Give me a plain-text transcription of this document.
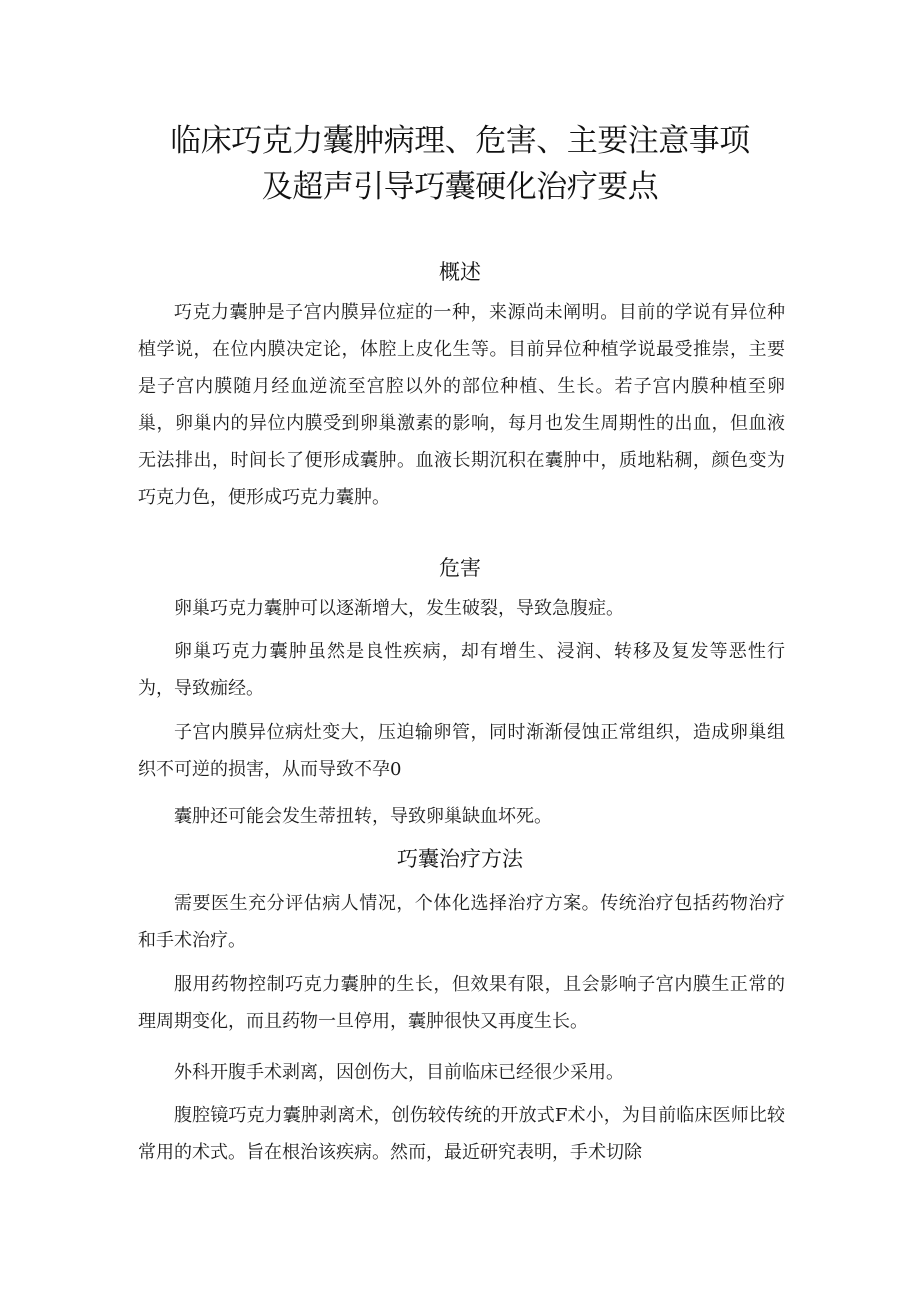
临床巧克力囊肿病理、危害、主要注意事项
及超声引导巧囊硬化治疗要点
概述

巧克力囊肿是子宫内膜异位症的一种，来源尚未阐明。目前的学说有异位种植学说，在位内膜决定论，体腔上皮化生等。目前异位种植学说最受推崇，主要是子宫内膜随月经血逆流至宫腔以外的部位种植、生长。若子宫内膜种植至卵巢，卵巢内的异位内膜受到卵巢激素的影响，每月也发生周期性的出血，但血液无法排出，时间长了便形成囊肿。血液长期沉积在囊肿中，质地粘稠，颜色变为巧克力色，便形成巧克力囊肿。

危害

卵巢巧克力囊肿可以逐渐增大，发生破裂，导致急腹症。

卵巢巧克力囊肿虽然是良性疾病，却有增生、浸润、转移及复发等恶性行为，导致痂经。

子宫内膜异位病灶变大，压迫输卵管，同时渐渐侵蚀正常组织，造成卵巢组织不可逆的损害，从而导致不孕0

囊肿还可能会发生蒂扭转，导致卵巢缺血坏死。

巧囊治疗方法

需要医生充分评估病人情况，个体化选择治疗方案。传统治疗包括药物治疗和手术治疗。

服用药物控制巧克力囊肿的生长，但效果有限，且会影响子宫内膜生正常的理周期变化，而且药物一旦停用，囊肿很快又再度生长。

外科开腹手术剥离，因创伤大，目前临床已经很少采用。

腹腔镜巧克力囊肿剥离术，创伤较传统的开放式F术小，为目前临床医师比较常用的术式。旨在根治该疾病。然而，最近研究表明，手术切除
